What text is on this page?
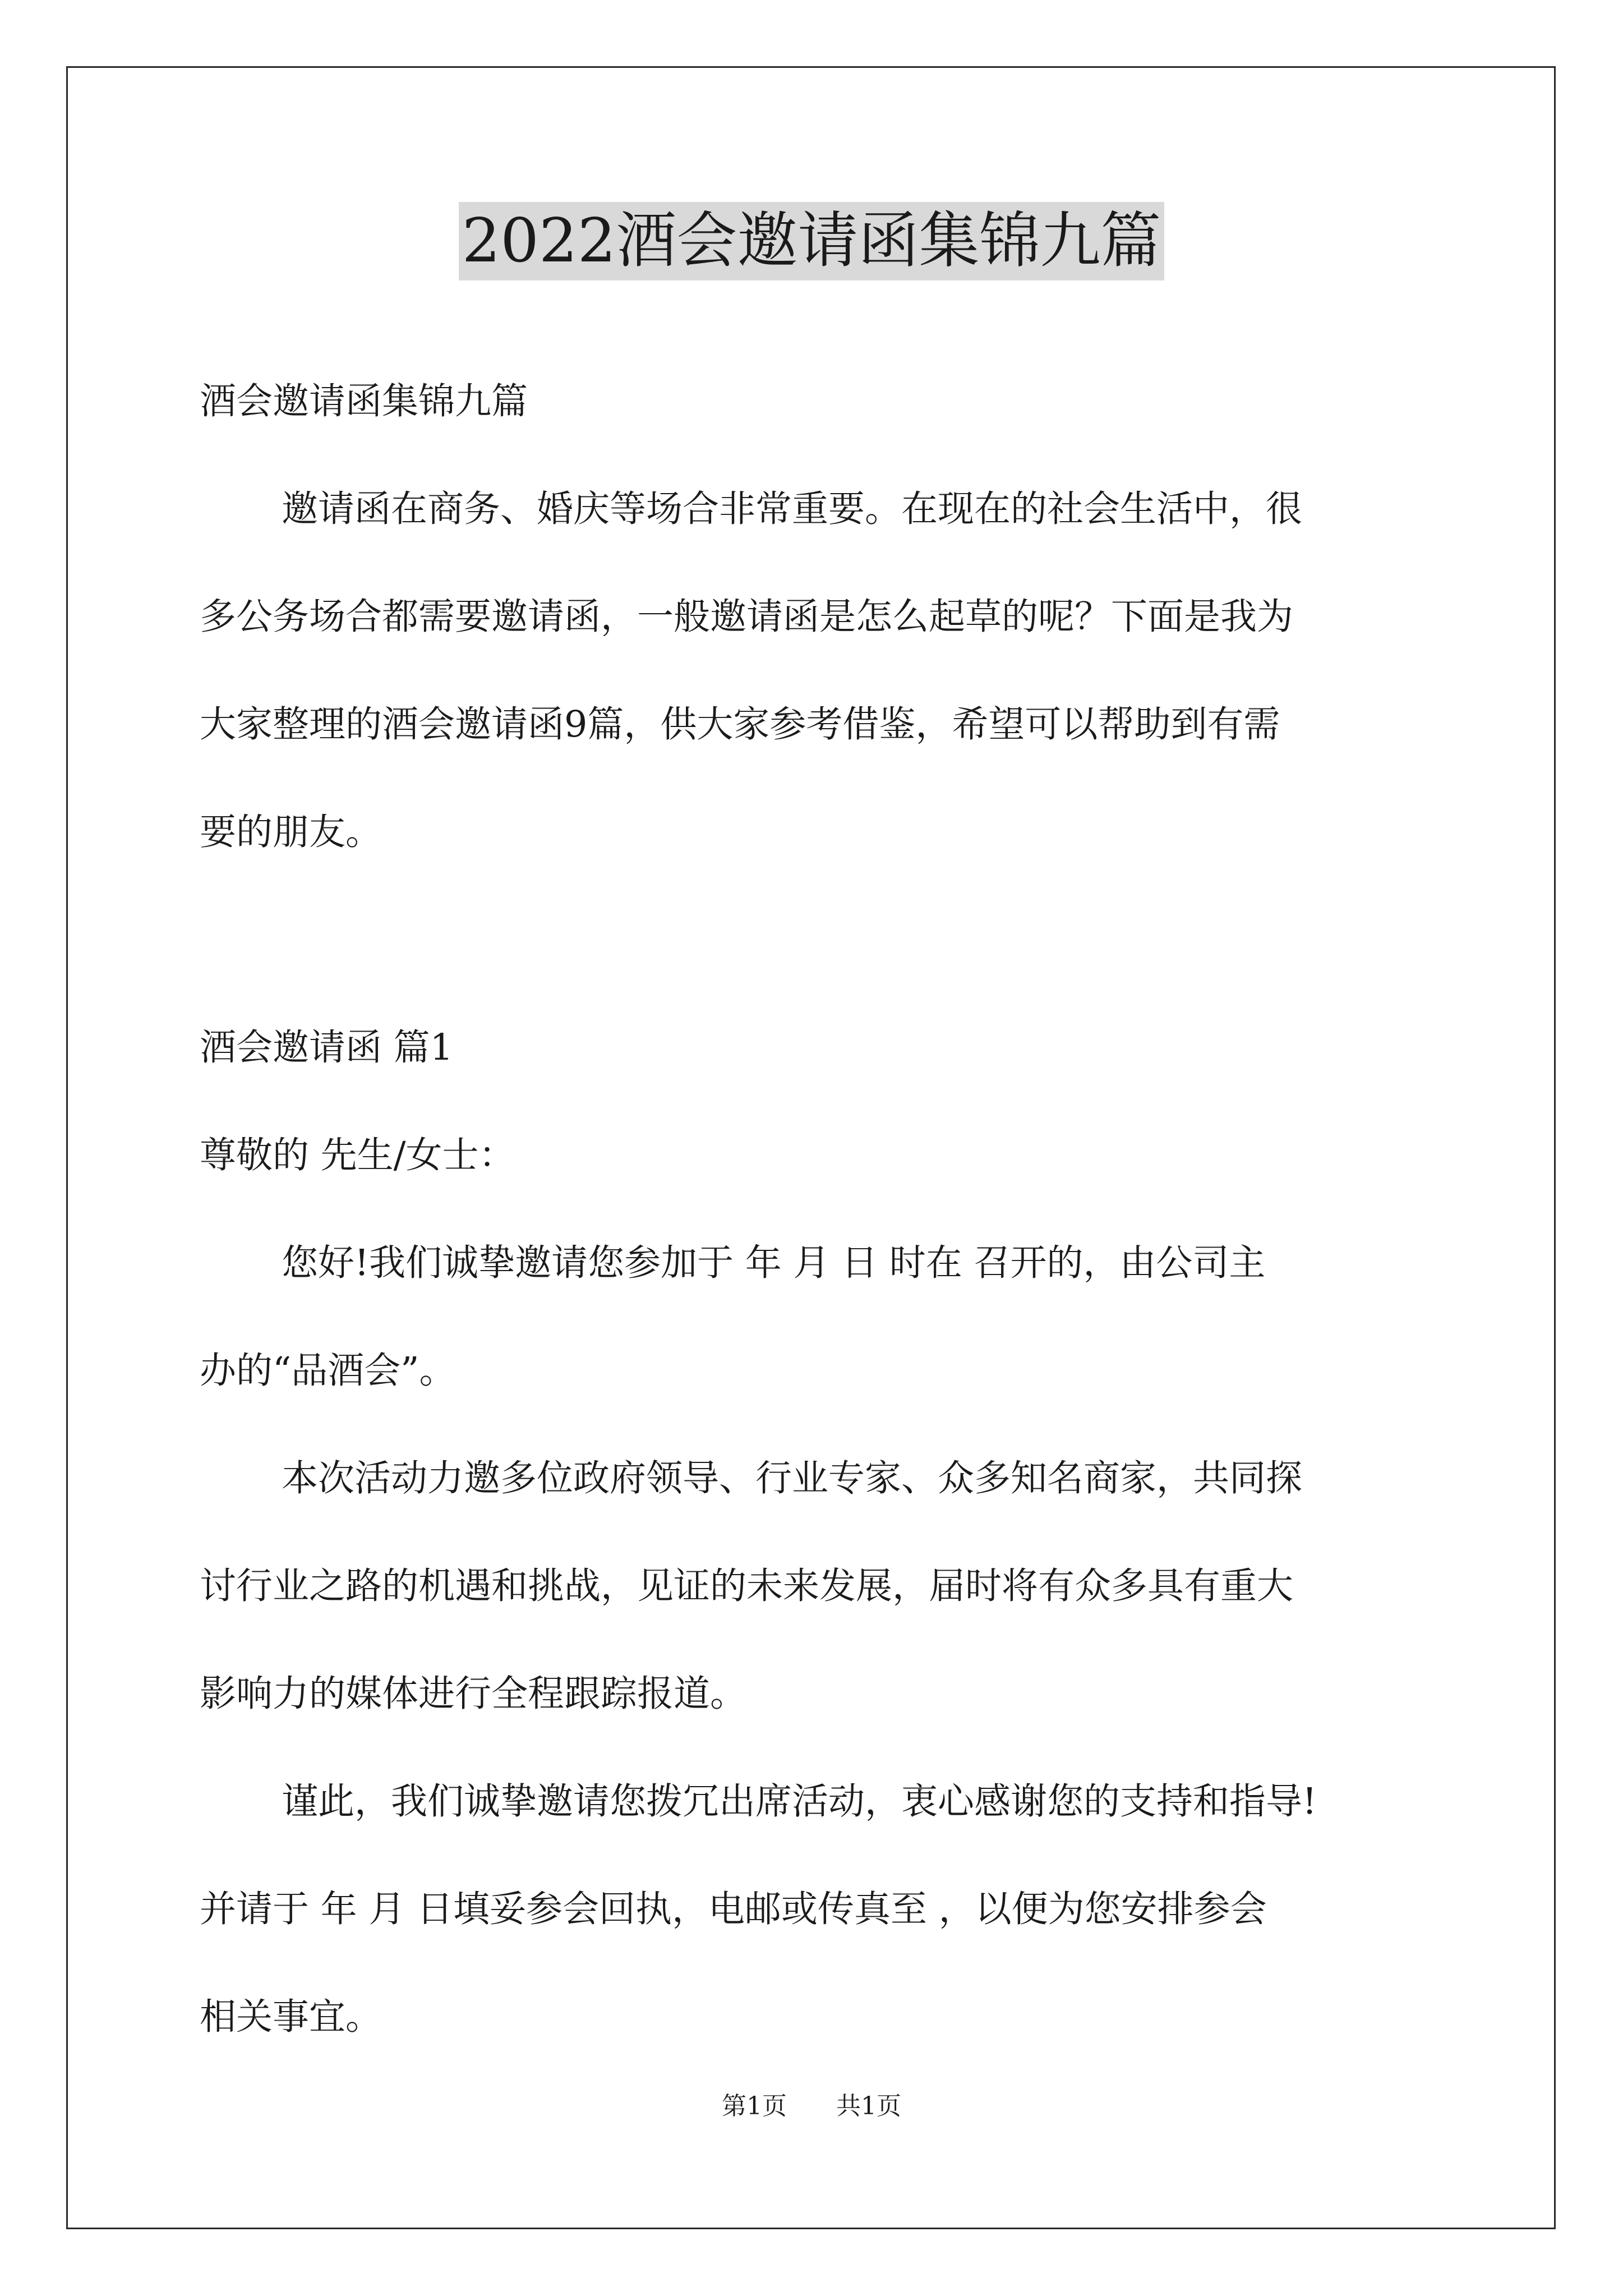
2022酒会邀请函集锦九篇

酒会邀请函集锦九篇

邀请函在商务、婚庆等场合非常重要。在现在的社会生活中，很

多公务场合都需要邀请函，一般邀请函是怎么起草的呢？下面是我为

大家整理的酒会邀请函9篇，供大家参考借鉴，希望可以帮助到有需

要的朋友。

酒会邀请函 篇1

尊敬的 先生/女士：

您好!我们诚挚邀请您参加于 年 月 日 时在 召开的，由公司主

办的“品酒会”。

本次活动力邀多位政府领导、行业专家、众多知名商家，共同探

讨行业之路的机遇和挑战，见证的未来发展，届时将有众多具有重大

影响力的媒体进行全程跟踪报道。

谨此，我们诚挚邀请您拨冗出席活动，衷心感谢您的支持和指导!

并请于 年 月 日填妥参会回执，电邮或传真至 ，以便为您安排参会

相关事宜。

第1页 共1页
